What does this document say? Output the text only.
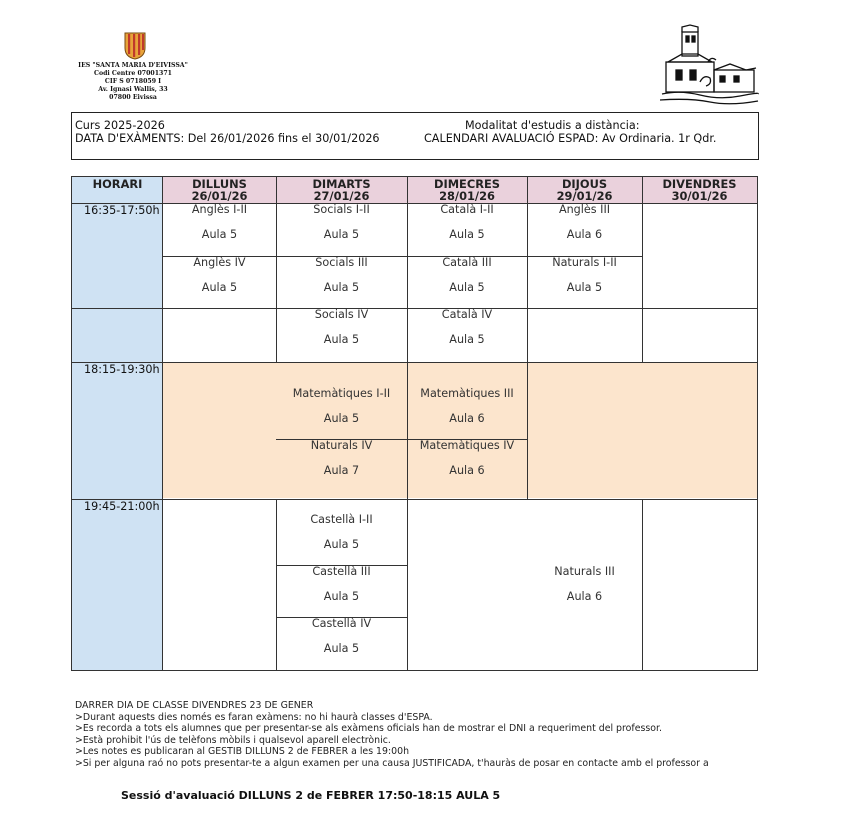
IES "SANTA MARIA D'EIVISSA"
Codi Centre 07001371
CIF S 0718059 I
Av. Ignasi Wallis, 33
07800 Eivissa
Curs 2025-2026
DATA D'EXÀMENTS: Del 26/01/2026 fins el 30/01/2026
Modalitat d'estudis a distància:
CALENDARI AVALUACIÓ ESPAD: Av Ordinaria. 1r Qdr.
HORARI	DILLUNS
26/01/26
DIMARTS
27/01/26
DIMECRES
28/01/26
DIJOUS
29/01/26
DIVENDRES
30/01/26
16:35-17:50h
18:15-19:30h
19:45-21:00h
Anglès I-II
Aula 5
Anglès IV
Aula 5
Socials I-II
Aula 5
Socials III
Aula 5
Socials IV
Aula 5
Català I-II
Aula 5
Català III
Aula 5
Català IV
Aula 5
Anglès III
Aula 6
Naturals I-II
Aula 5
Matemàtiques I-II
Aula 5
Naturals IV
Aula 7
Matemàtiques III
Aula 6
Matemàtiques IV
Aula 6
Castellà I-II
Aula 5
Castellà III
Aula 5
Castellà IV
Aula 5
Naturals III
Aula 6
DARRER DIA DE CLASSE DIVENDRES 23 DE GENER
>Durant aquests dies només es faran exàmens: no hi haurà classes d'ESPA.
>Es recorda a tots els alumnes que per presentar-se als exàmens oficials han de mostrar el DNI a requeriment del professor.
>Està prohibit l'ús de telèfons mòbils i qualsevol aparell electrònic.
>Les notes es publicaran al GESTIB DILLUNS 2 de FEBRER a les 19:00h
>Si per alguna raó no pots presentar-te a algun examen per una causa JUSTIFICADA, t'hauràs de posar en contacte amb el professor a
Sessió d'avaluació DILLUNS 2 de FEBRER 17:50-18:15 AULA 5
